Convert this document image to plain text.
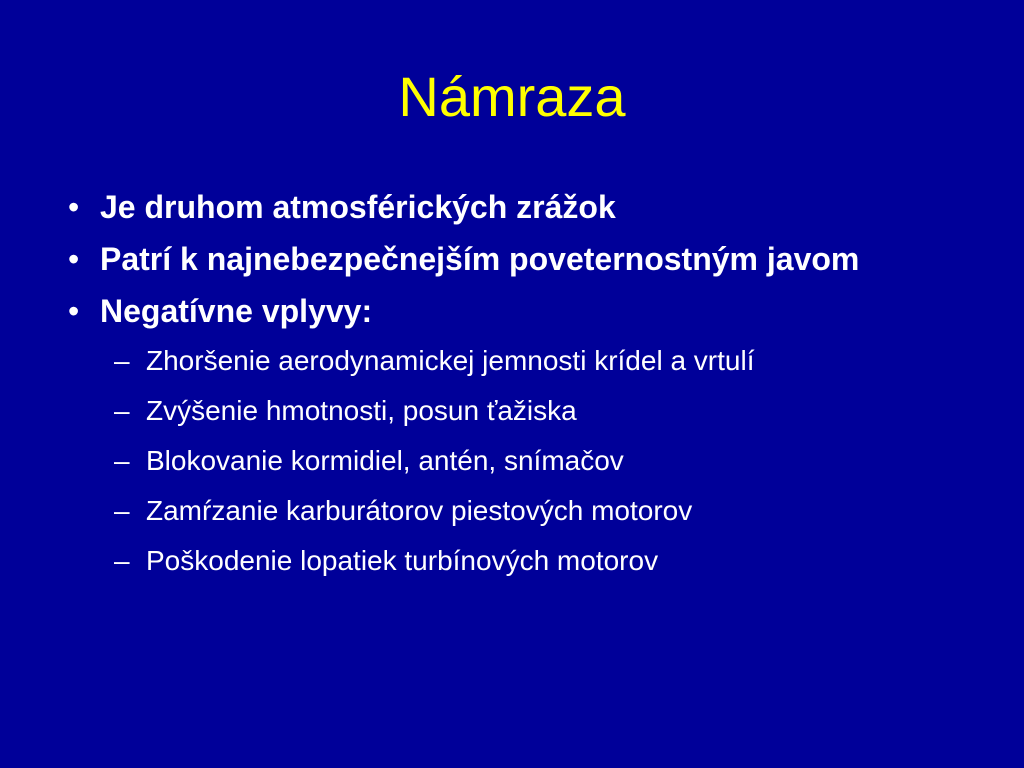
Námraza
• Je druhom atmosférických zrážok
• Patrí k najnebezpečnejším poveternostným javom
• Negatívne vplyvy:
– Zhoršenie aerodynamickej jemnosti krídel a vrtulí
– Zvýšenie hmotnosti, posun ťažiska
– Blokovanie kormidiel, antén, snímačov
– Zamŕzanie karburátorov piestových motorov
– Poškodenie lopatiek turbínových motorov
